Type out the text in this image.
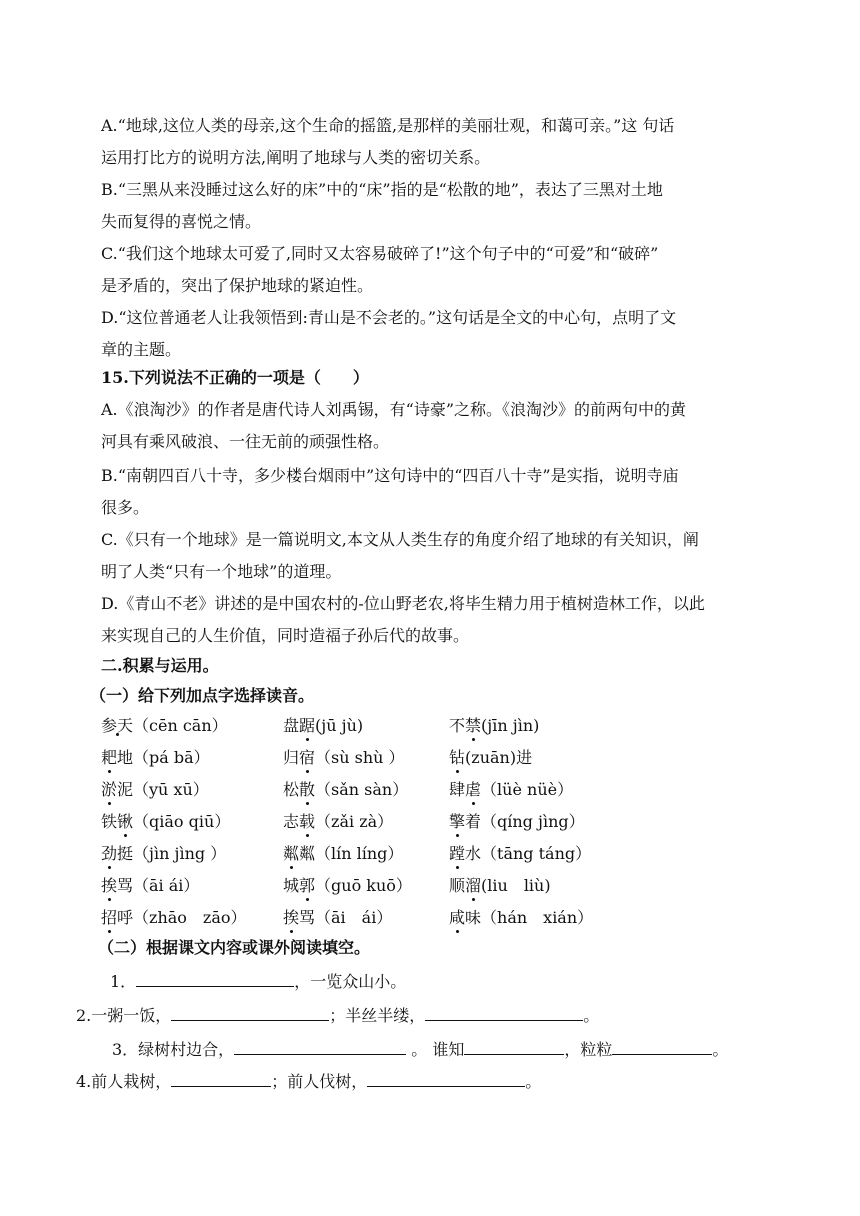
A.“地球,这位人类的母亲,这个生命的摇篮,是那样的美丽壮观，和蔼可亲。”这 句话
运用打比方的说明方法,阐明了地球与人类的密切关系。
B.“三黑从来没睡过这么好的床”中的“床”指的是“松散的地”，表达了三黑对土地
失而复得的喜悦之情。
C.“我们这个地球太可爱了,同时又太容易破碎了!”这个句子中的“可爱”和“破碎”
是矛盾的，突出了保护地球的紧迫性。
D.“这位普通老人让我领悟到:青山是不会老的。”这句话是全文的中心句，点明了文
章的主题。
15.下列说法不正确的一项是（　　）
A.《浪淘沙》的作者是唐代诗人刘禹锡，有“诗豪”之称。《浪淘沙》的前两句中的黄
河具有乘风破浪、一往无前的顽强性格。
B.“南朝四百八十寺，多少楼台烟雨中”这句诗中的“四百八十寺”是实指，说明寺庙
很多。
C.《只有一个地球》是一篇说明文,本文从人类生存的角度介绍了地球的有关知识，阐
明了人类“只有一个地球”的道理。
D.《青山不老》讲述的是中国农村的-位山野老农,将毕生精力用于植树造林工作，以此
来实现自己的人生价值，同时造福子孙后代的故事。
二.积累与运用。
（一）给下列加点字选择读音。
参天（cēn cān）	盘踞(jū jù)	不禁(jīn jìn)
耙地（pá bā）	归宿（sù shù ）	钻(zuān)进
淤泥（yū xū）	松散（sǎn sàn）	肆虐（lüè nüè）
铁锹（qiāo qiū）	志载（zǎi zà）	擎着（qíng jìng）
劲挺（jìn jìng ）	粼粼（lín líng）	蹚水（tāng táng）
挨骂（āi ái）	城郭（guō kuō） 顺溜(liu　liù)
招呼（zhāo　zāo） 挨骂（āi　ái）	咸味（hán　xián）
（二）根据课文内容或课外阅读填空。
1．	，一览众山小。
2.一粥一饭，	；半丝半缕，	。
3．绿树村边合，	。 谁知	，粒粒	。
4.前人栽树，	；前人伐树，	。
